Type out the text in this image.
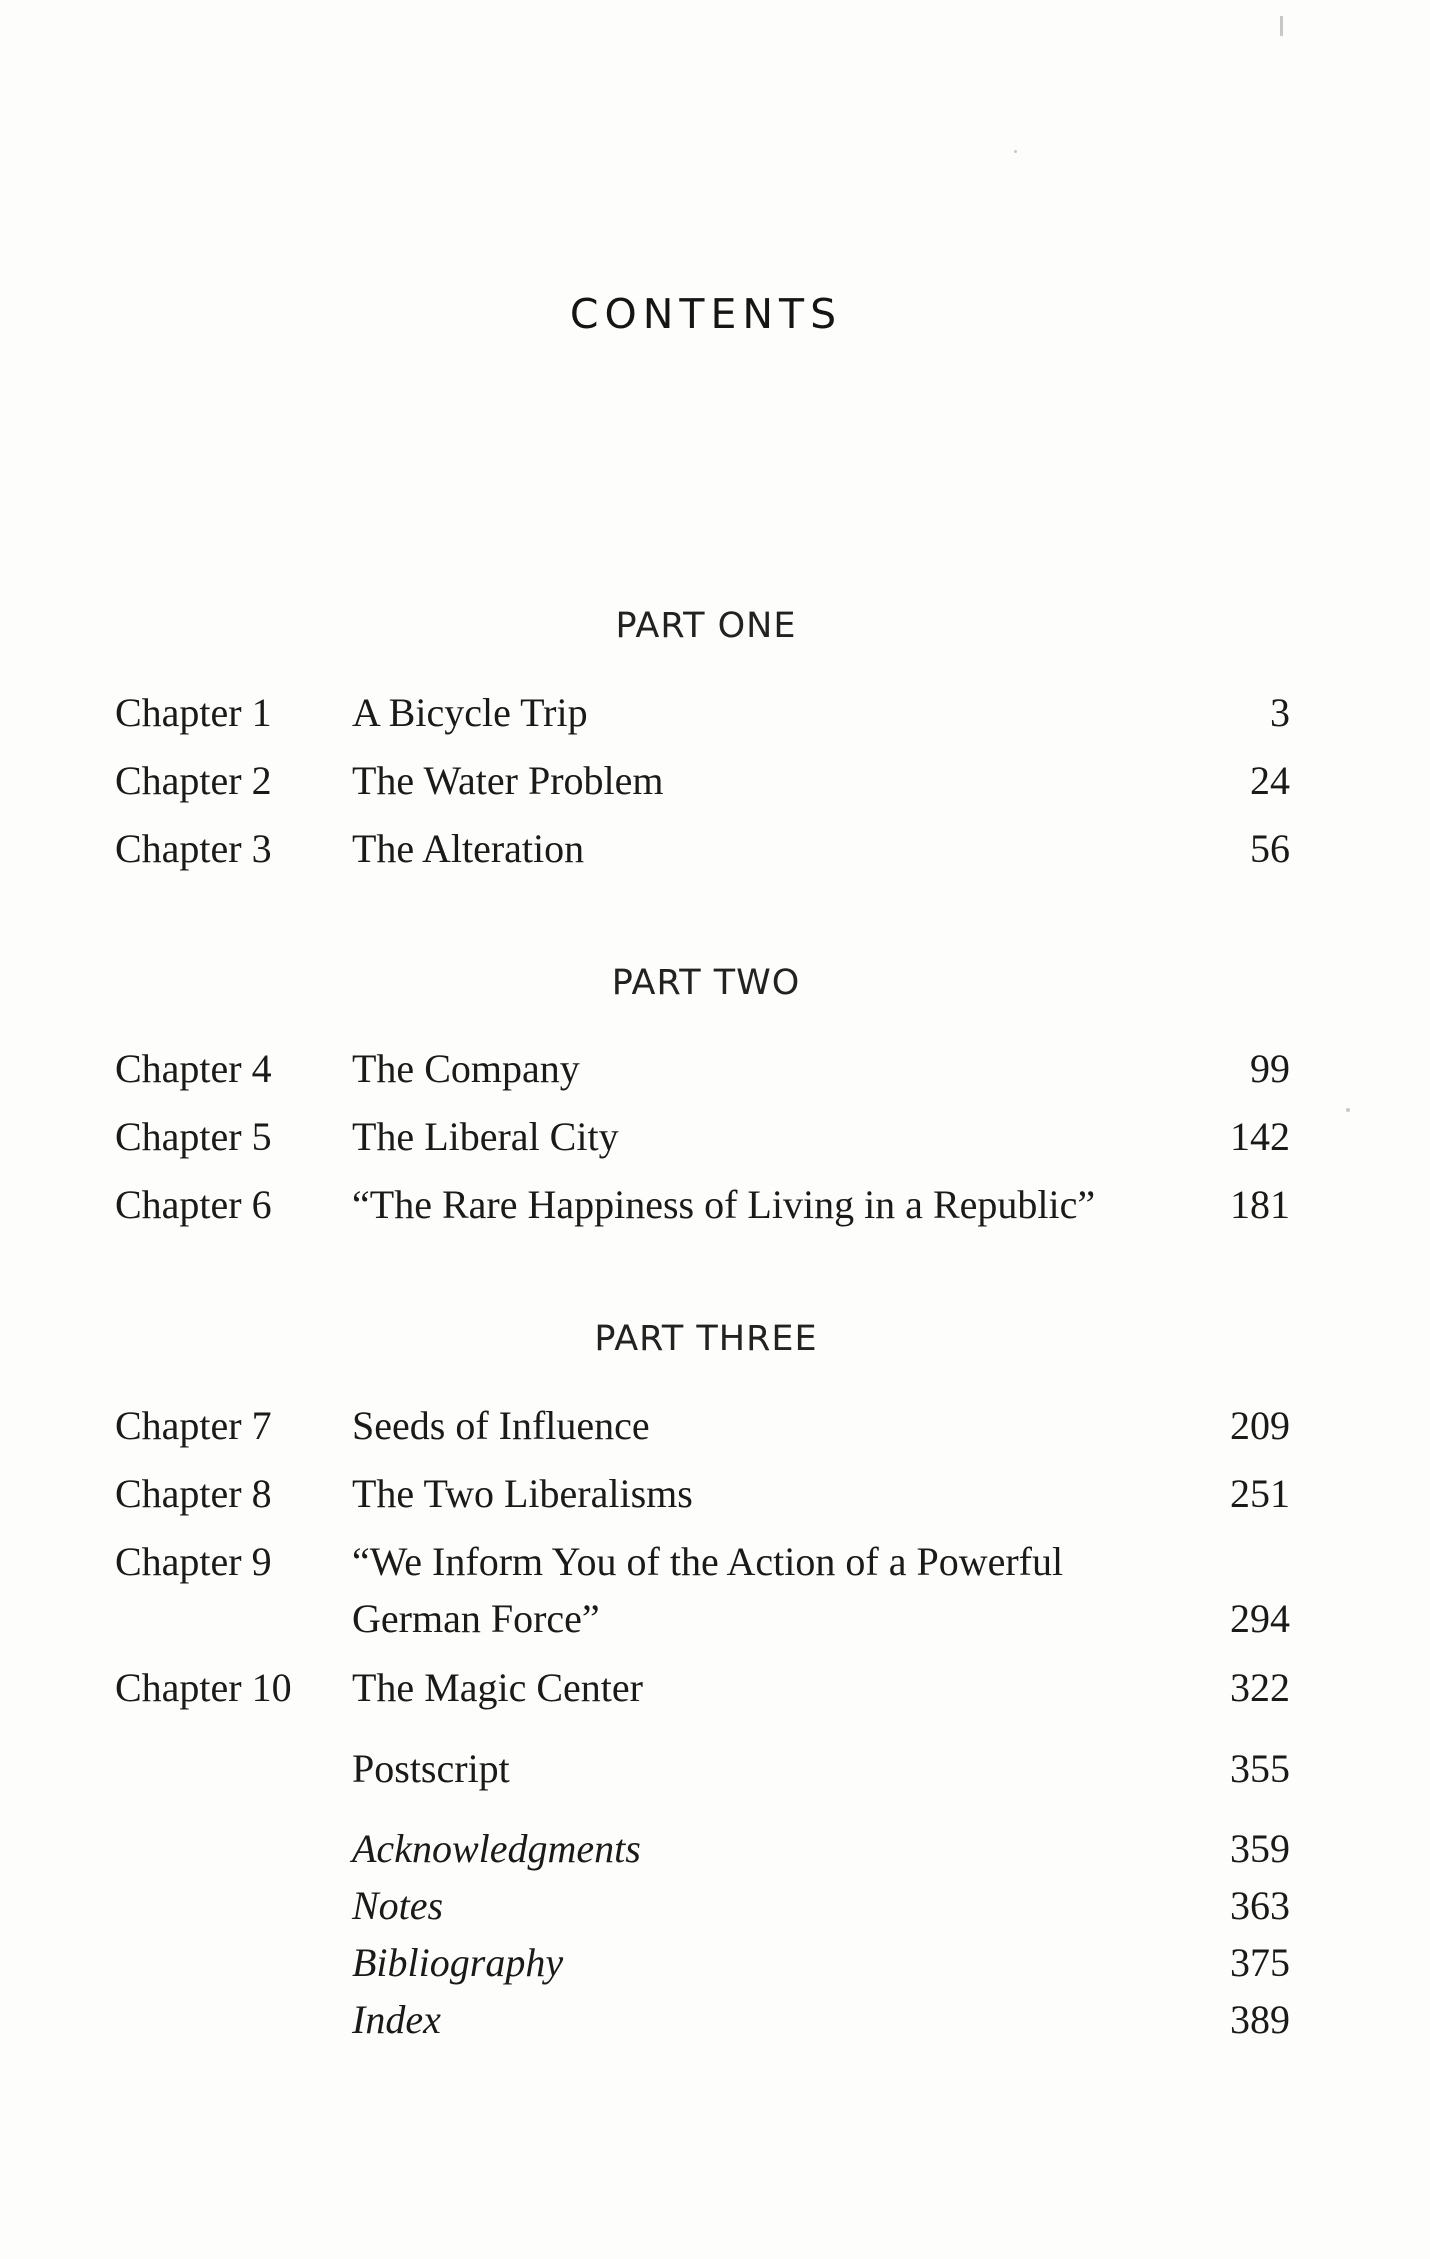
CONTENTS
PART ONE
Chapter 1 A Bicycle Trip	3
Chapter 2 The Water Problem	24
Chapter 3 The Alteration	56
PART TWO
Chapter 4 The Company	99
Chapter 5 The Liberal City	142
Chapter 6 “The Rare Happiness of Living in a Republic”	181
PART THREE
Chapter 7 Seeds of Influence	209
Chapter 8 The Two Liberalisms	251
Chapter 9 “We Inform You of the Action of a Powerful German Force”	294
Chapter 10 The Magic Center	322
Postscript	355
Acknowledgments	359
Notes	363
Bibliography	375
Index	389
